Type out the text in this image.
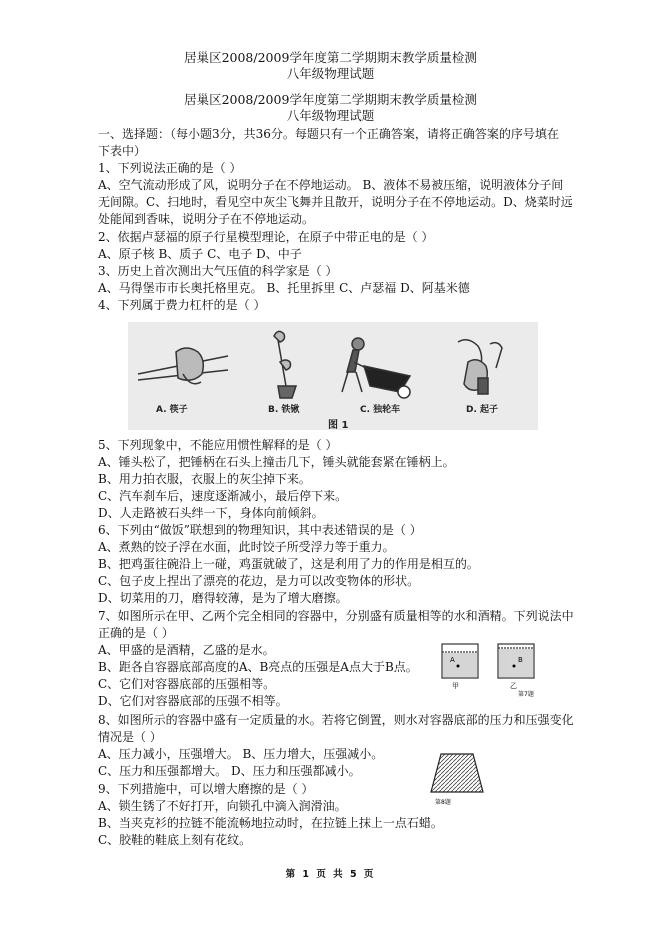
居巢区2008/2009学年度第二学期期末教学质量检测
八年级物理试题
居巢区2008/2009学年度第二学期期末教学质量检测
八年级物理试题
一、选择题：（每小题3分，共36分。每题只有一个正确答案，请将正确答案的序号填在
下表中）
1、下列说法正确的是（ ）
A、空气流动形成了风，说明分子在不停地运动。 B、液体不易被压缩，说明液体分子间
无间隙。C、扫地时，看见空中灰尘飞舞并且散开，说明分子在不停地运动。D、烧菜时远
处能闻到香味，说明分子在不停地运动。
2、依据卢瑟福的原子行星模型理论，在原子中带正电的是（ ）
A、原子核 B、质子 C、电子 D、中子
3、历史上首次测出大气压值的科学家是（ ）
A、马得堡市市长奥托格里克。 B、托里拆里 C、卢瑟福 D、阿基米德
4、下列属于费力杠杆的是（ ）
A. 筷子	B. 铁锹	C. 独轮车	D. 起子
图 1
5、下列现象中，不能应用惯性解释的是（ ）
A、锤头松了，把锤柄在石头上撞击几下，锤头就能套紧在锤柄上。
B、用力拍衣服，衣服上的灰尘掉下来。
C、汽车刹车后，速度逐渐减小，最后停下来。
D、人走路被石头绊一下，身体向前倾斜。
6、下列由“做饭”联想到的物理知识，其中表述错误的是（ ）
A、煮熟的饺子浮在水面，此时饺子所受浮力等于重力。
B、把鸡蛋往碗沿上一碰，鸡蛋就破了，这是利用了力的作用是相互的。
C、包子皮上捏出了漂亮的花边，是力可以改变物体的形状。
D、切菜用的刀，磨得较薄，是为了增大磨擦。
7、如图所示在甲、乙两个完全相同的容器中，分别盛有质量相等的水和酒精。下列说法中
正确的是（ ）
A、甲盛的是酒精，乙盛的是水。
B、距各自容器底部高度的A、B亮点的压强是A点大于B点。
C、它们对容器底部的压强相等。
D、它们对容器底部的压强不相等。
A	B
甲	乙
第7题
8、如图所示的容器中盛有一定质量的水。若将它倒置，则水对容器底部的压力和压强变化
情况是（ ）
A、压力减小，压强增大。 B、压力增大，压强减小。
C、压力和压强都增大。 D、压力和压强都减小。
第8题
9、下列措施中，可以增大磨擦的是（ ）
A、锁生锈了不好打开，向锁孔中滴入润滑油。
B、当夹克衫的拉链不能流畅地拉动时，在拉链上抹上一点石蜡。
C、胶鞋的鞋底上刻有花纹。
第 1 页 共 5 页
